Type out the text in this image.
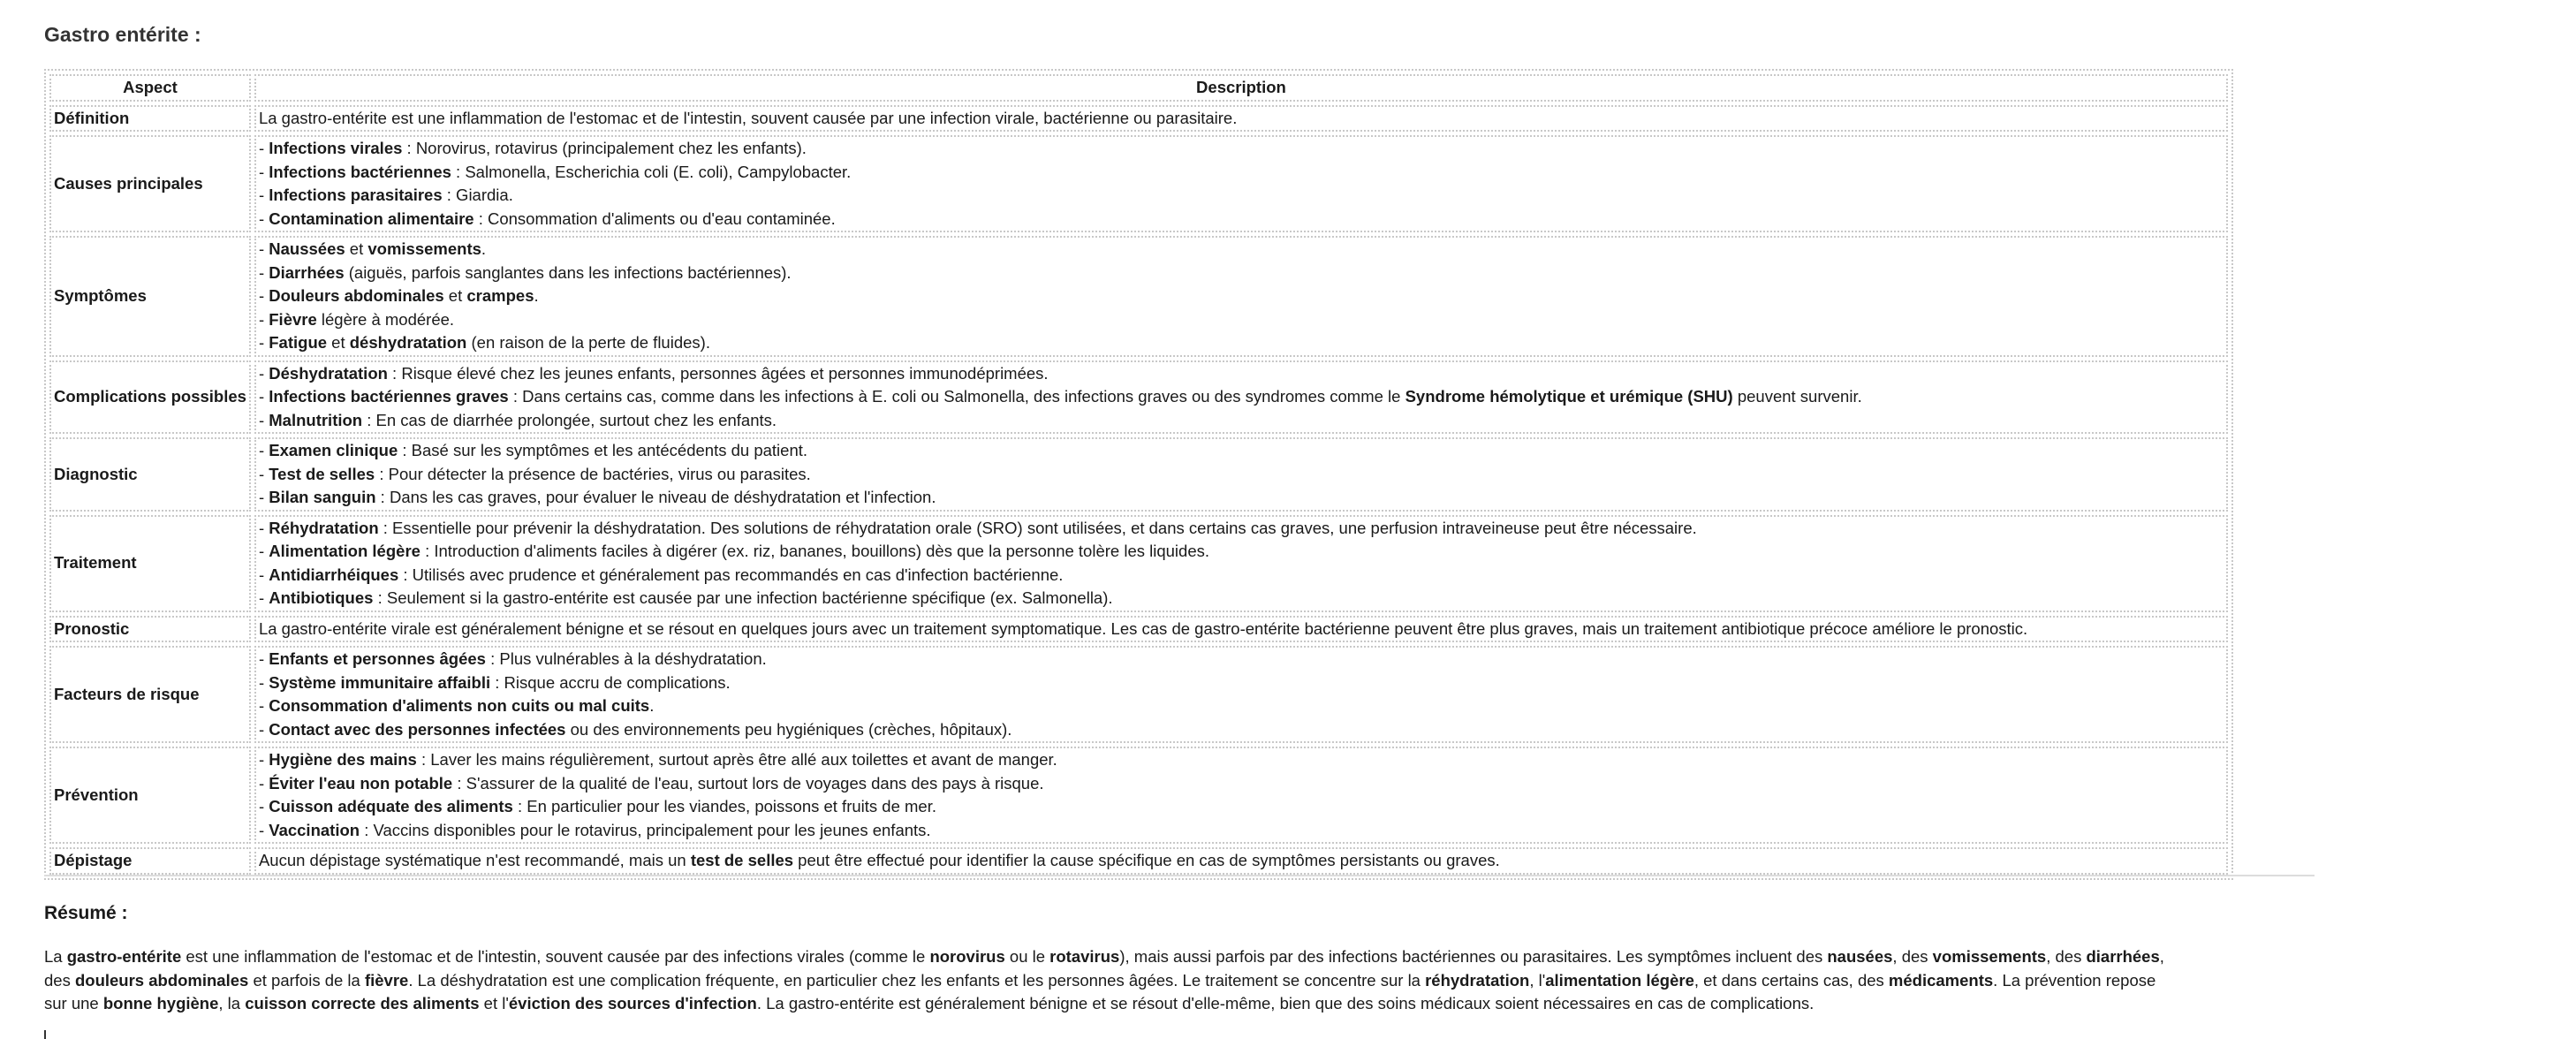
Gastro entérite :
Aspect	Description
Définition	La gastro-entérite est une inflammation de l'estomac et de l'intestin, souvent causée par une infection virale, bactérienne ou parasitaire.

Causes principales	- Infections virales : Norovirus, rotavirus (principalement chez les enfants).
- Infections bactériennes : Salmonella, Escherichia coli (E. coli), Campylobacter.
- Infections parasitaires : Giardia.
- Contamination alimentaire : Consommation d'aliments ou d'eau contaminée.

Symptômes	- Naussées et vomissements.
- Diarrhées (aiguës, parfois sanglantes dans les infections bactériennes).
- Douleurs abdominales et crampes.
- Fièvre légère à modérée.
- Fatigue et déshydratation (en raison de la perte de fluides).

Complications possibles	- Déshydratation : Risque élevé chez les jeunes enfants, personnes âgées et personnes immunodéprimées.
- Infections bactériennes graves : Dans certains cas, comme dans les infections à E. coli ou Salmonella, des infections graves ou des syndromes comme le Syndrome hémolytique et urémique (SHU) peuvent survenir.
- Malnutrition : En cas de diarrhée prolongée, surtout chez les enfants.

Diagnostic	- Examen clinique : Basé sur les symptômes et les antécédents du patient.
- Test de selles : Pour détecter la présence de bactéries, virus ou parasites.
- Bilan sanguin : Dans les cas graves, pour évaluer le niveau de déshydratation et l'infection.

Traitement	- Réhydratation : Essentielle pour prévenir la déshydratation. Des solutions de réhydratation orale (SRO) sont utilisées, et dans certains cas graves, une perfusion intraveineuse peut être nécessaire.
- Alimentation légère : Introduction d'aliments faciles à digérer (ex. riz, bananes, bouillons) dès que la personne tolère les liquides.
- Antidiarrhéiques : Utilisés avec prudence et généralement pas recommandés en cas d'infection bactérienne.
- Antibiotiques : Seulement si la gastro-entérite est causée par une infection bactérienne spécifique (ex. Salmonella).

Pronostic	La gastro-entérite virale est généralement bénigne et se résout en quelques jours avec un traitement symptomatique. Les cas de gastro-entérite bactérienne peuvent être plus graves, mais un traitement antibiotique précoce améliore le pronostic.

Facteurs de risque	- Enfants et personnes âgées : Plus vulnérables à la déshydratation.
- Système immunitaire affaibli : Risque accru de complications.
- Consommation d'aliments non cuits ou mal cuits.
- Contact avec des personnes infectées ou des environnements peu hygiéniques (crèches, hôpitaux).

Prévention	- Hygiène des mains : Laver les mains régulièrement, surtout après être allé aux toilettes et avant de manger.
- Éviter l'eau non potable : S'assurer de la qualité de l'eau, surtout lors de voyages dans des pays à risque.
- Cuisson adéquate des aliments : En particulier pour les viandes, poissons et fruits de mer.
- Vaccination : Vaccins disponibles pour le rotavirus, principalement pour les jeunes enfants.

Dépistage	Aucun dépistage systématique n'est recommandé, mais un test de selles peut être effectué pour identifier la cause spécifique en cas de symptômes persistants ou graves.
Résumé :

La gastro-entérite est une inflammation de l'estomac et de l'intestin, souvent causée par des infections virales (comme le norovirus ou le rotavirus), mais aussi parfois par des infections bactériennes ou parasitaires. Les symptômes incluent des nausées, des vomissements, des diarrhées,
des douleurs abdominales et parfois de la fièvre. La déshydratation est une complication fréquente, en particulier chez les enfants et les personnes âgées. Le traitement se concentre sur la réhydratation, l'alimentation légère, et dans certains cas, des médicaments. La prévention repose
sur une bonne hygiène, la cuisson correcte des aliments et l'éviction des sources d'infection. La gastro-entérite est généralement bénigne et se résout d'elle-même, bien que des soins médicaux soient nécessaires en cas de complications.
